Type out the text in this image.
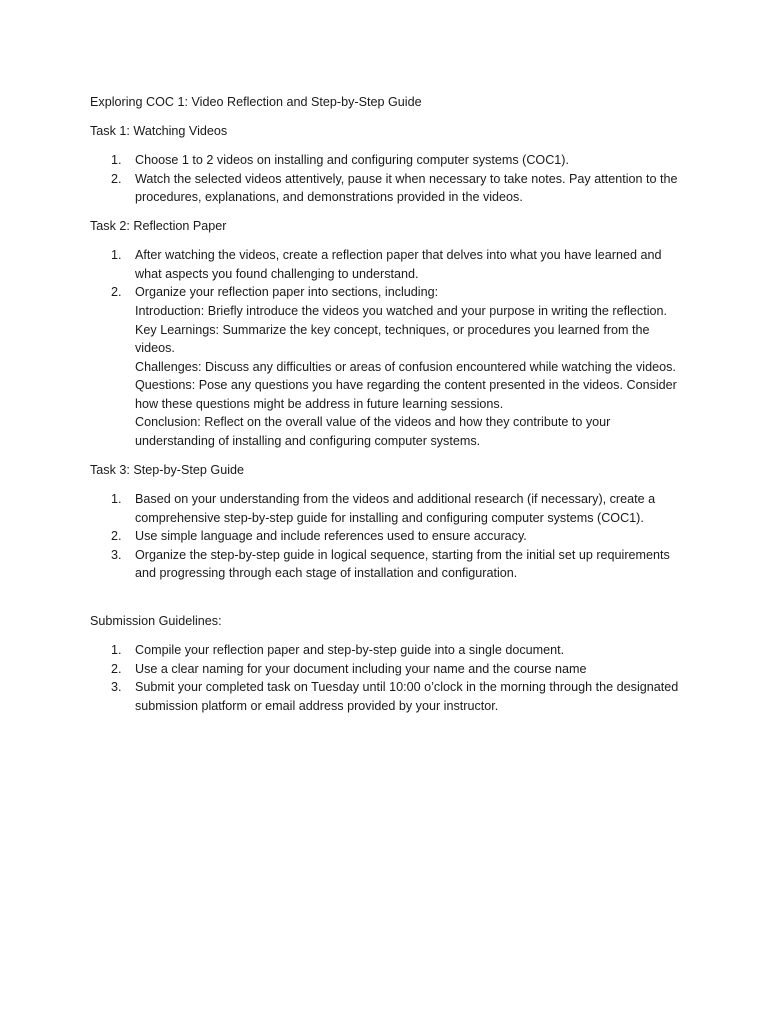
Exploring COC 1: Video Reflection and Step-by-Step Guide

Task 1: Watching Videos

1. Choose 1 to 2 videos on installing and configuring computer systems (COC1).
2. Watch the selected videos attentively, pause it when necessary to take notes. Pay attention to the procedures, explanations, and demonstrations provided in the videos.

Task 2: Reflection Paper

1. After watching the videos, create a reflection paper that delves into what you have learned and what aspects you found challenging to understand.
2. Organize your reflection paper into sections, including:
Introduction: Briefly introduce the videos you watched and your purpose in writing the reflection.
Key Learnings: Summarize the key concept, techniques, or procedures you learned from the videos.
Challenges: Discuss any difficulties or areas of confusion encountered while watching the videos.
Questions: Pose any questions you have regarding the content presented in the videos. Consider how these questions might be address in future learning sessions.
Conclusion: Reflect on the overall value of the videos and how they contribute to your understanding of installing and configuring computer systems.

Task 3: Step-by-Step Guide

1. Based on your understanding from the videos and additional research (if necessary), create a comprehensive step-by-step guide for installing and configuring computer systems (COC1).
2. Use simple language and include references used to ensure accuracy.
3. Organize the step-by-step guide in logical sequence, starting from the initial set up requirements and progressing through each stage of installation and configuration.

Submission Guidelines:

1. Compile your reflection paper and step-by-step guide into a single document.
2. Use a clear naming for your document including your name and the course name
3. Submit your completed task on Tuesday until 10:00 o’clock in the morning through the designated submission platform or email address provided by your instructor.
